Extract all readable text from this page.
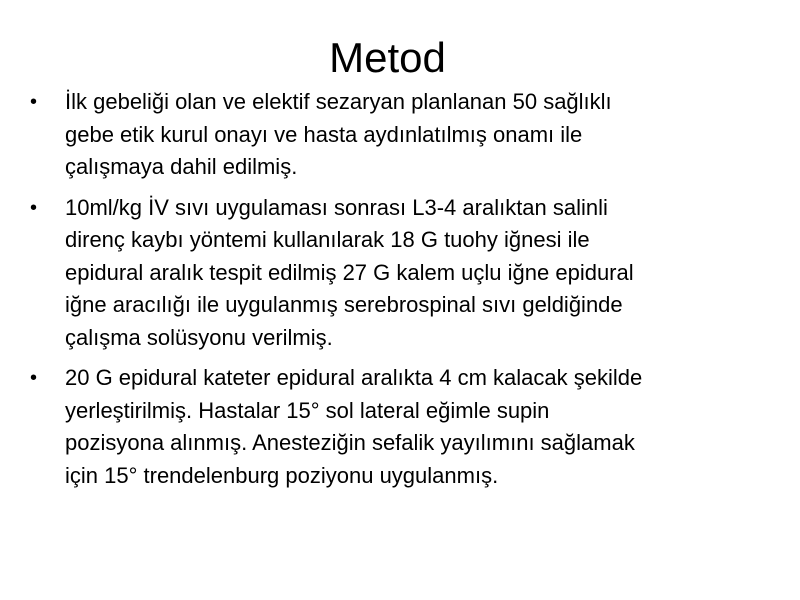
Metod
•	İlk gebeliği olan ve elektif sezaryan planlanan 50 sağlıklı
gebe etik kurul onayı ve hasta aydınlatılmış onamı ile
çalışmaya dahil edilmiş.
•	10ml/kg İV sıvı uygulaması sonrası L3-4 aralıktan salinli
direnç kaybı yöntemi kullanılarak 18 G tuohy iğnesi ile
epidural aralık tespit edilmiş 27 G kalem uçlu iğne epidural
iğne aracılığı ile uygulanmış serebrospinal sıvı geldiğinde
çalışma solüsyonu verilmiş.
•	20 G epidural kateter epidural aralıkta 4 cm kalacak şekilde
yerleştirilmiş. Hastalar 15° sol lateral eğimle supin
pozisyona alınmış. Anesteziğin sefalik yayılımını sağlamak
için 15° trendelenburg poziyonu uygulanmış.
